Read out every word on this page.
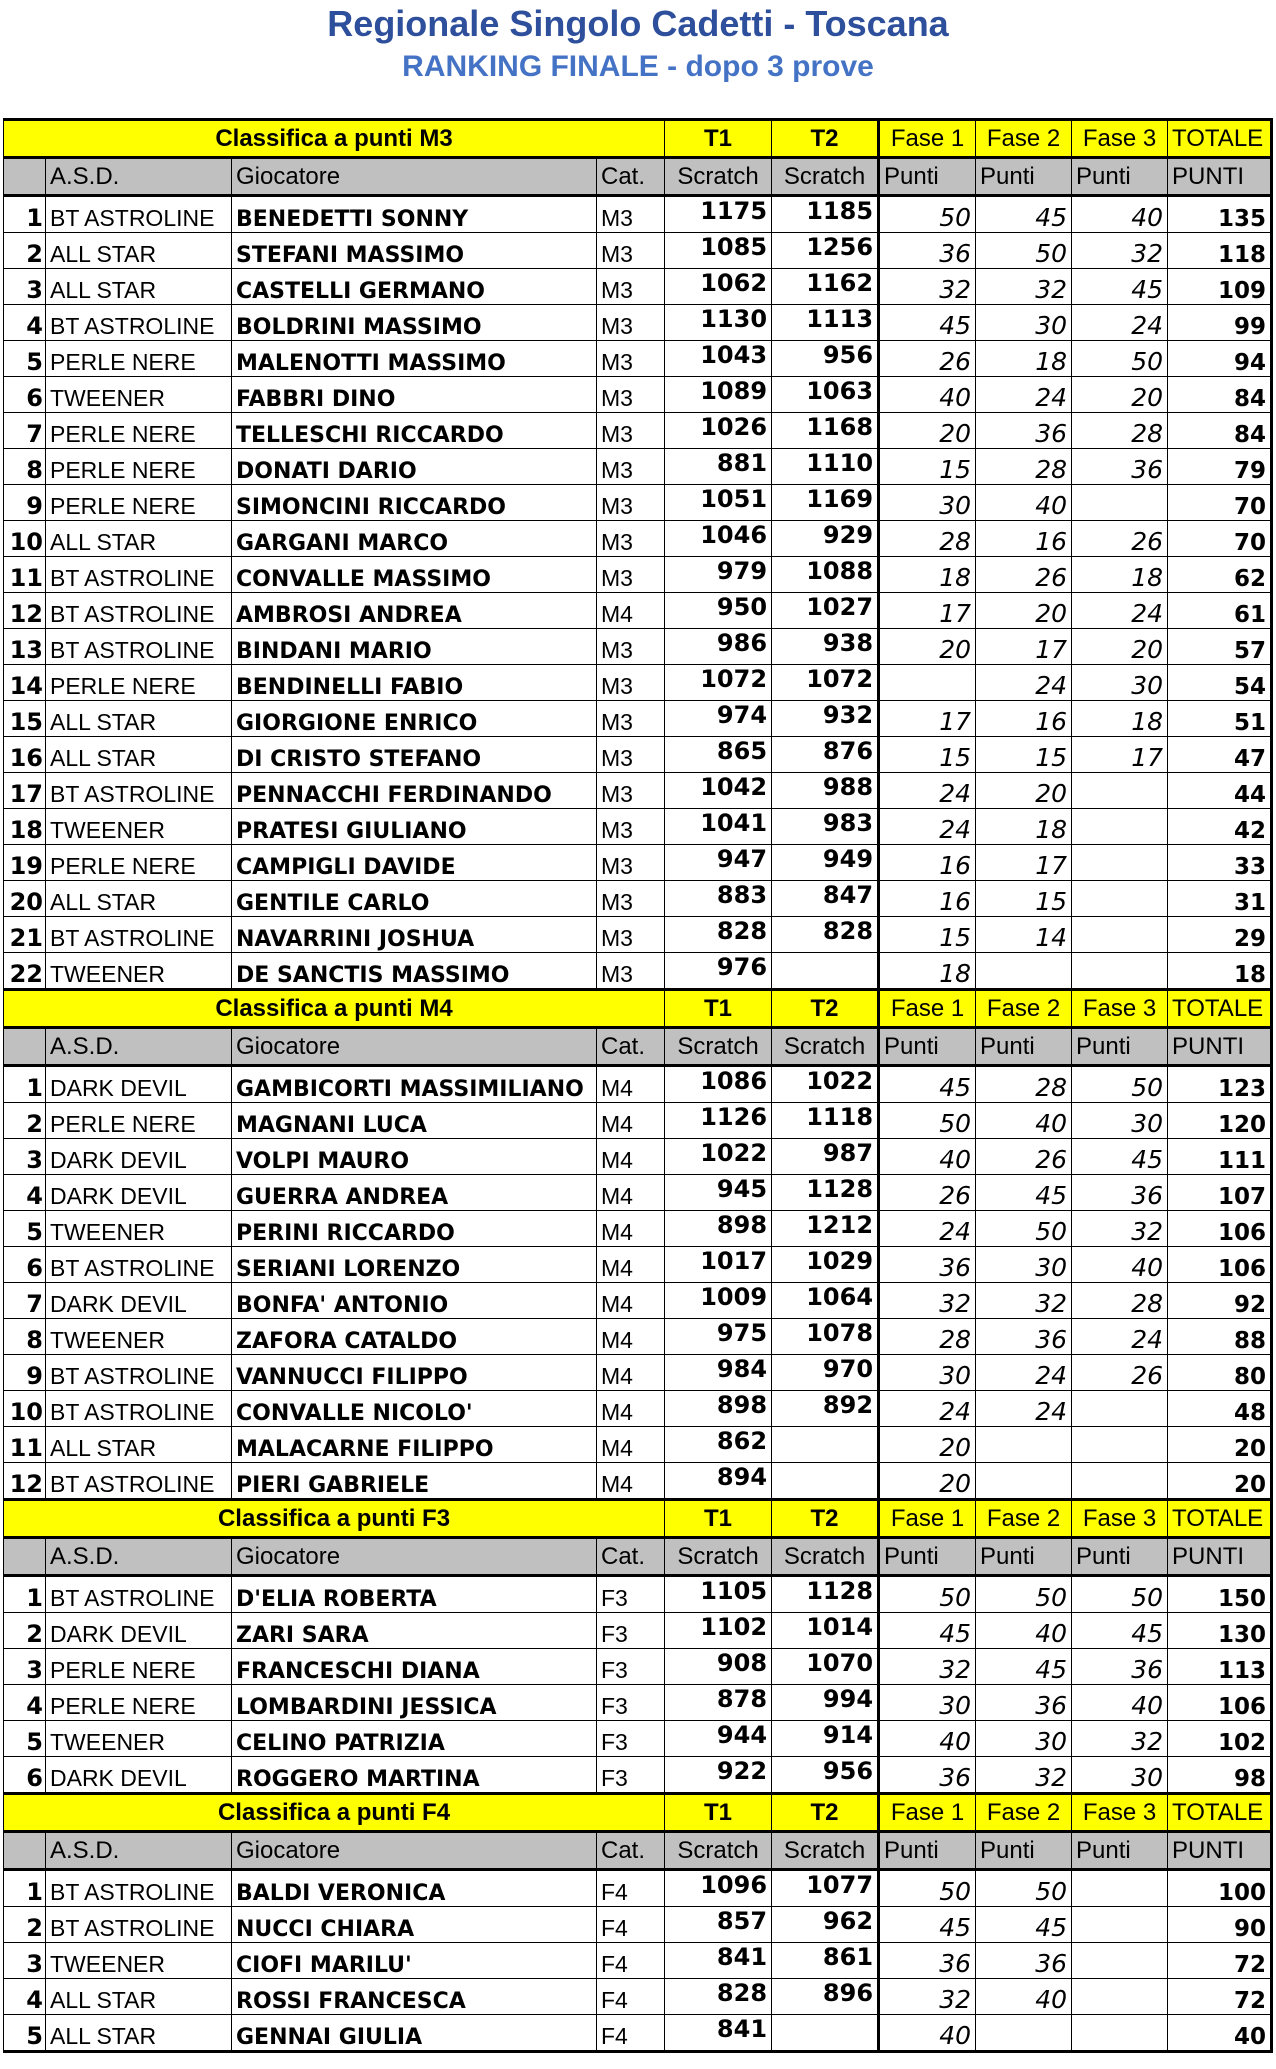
Regionale Singolo Cadetti - Toscana
RANKING FINALE - dopo 3 prove
Classifica a punti M3				T1	T2	Fase 1	Fase 2	Fase 3	TOTALE
	A.S.D.	Giocatore	Cat.	Scratch	Scratch	Punti	Punti	Punti	PUNTI
1	BT ASTROLINE	BENEDETTI SONNY	M3	1175	1185	50	45	40	135
2	ALL STAR	STEFANI MASSIMO	M3	1085	1256	36	50	32	118
3	ALL STAR	CASTELLI GERMANO	M3	1062	1162	32	32	45	109
4	BT ASTROLINE	BOLDRINI MASSIMO	M3	1130	1113	45	30	24	99
5	PERLE NERE	MALENOTTI MASSIMO	M3	1043	956	26	18	50	94
6	TWEENER	FABBRI DINO	M3	1089	1063	40	24	20	84
7	PERLE NERE	TELLESCHI RICCARDO	M3	1026	1168	20	36	28	84
8	PERLE NERE	DONATI DARIO	M3	881	1110	15	28	36	79
9	PERLE NERE	SIMONCINI RICCARDO	M3	1051	1169	30	40		70
10	ALL STAR	GARGANI MARCO	M3	1046	929	28	16	26	70
11	BT ASTROLINE	CONVALLE MASSIMO	M3	979	1088	18	26	18	62
12	BT ASTROLINE	AMBROSI ANDREA	M4	950	1027	17	20	24	61
13	BT ASTROLINE	BINDANI MARIO	M3	986	938	20	17	20	57
14	PERLE NERE	BENDINELLI FABIO	M3	1072	1072		24	30	54
15	ALL STAR	GIORGIONE ENRICO	M3	974	932	17	16	18	51
16	ALL STAR	DI CRISTO STEFANO	M3	865	876	15	15	17	47
17	BT ASTROLINE	PENNACCHI FERDINANDO	M3	1042	988	24	20		44
18	TWEENER	PRATESI GIULIANO	M3	1041	983	24	18		42
19	PERLE NERE	CAMPIGLI DAVIDE	M3	947	949	16	17		33
20	ALL STAR	GENTILE CARLO	M3	883	847	16	15		31
21	BT ASTROLINE	NAVARRINI JOSHUA	M3	828	828	15	14		29
22	TWEENER	DE SANCTIS MASSIMO	M3	976		18			18
Classifica a punti M4				T1	T2	Fase 1	Fase 2	Fase 3	TOTALE
	A.S.D.	Giocatore	Cat.	Scratch	Scratch	Punti	Punti	Punti	PUNTI
1	DARK DEVIL	GAMBICORTI MASSIMILIANO	M4	1086	1022	45	28	50	123
2	PERLE NERE	MAGNANI LUCA	M4	1126	1118	50	40	30	120
3	DARK DEVIL	VOLPI MAURO	M4	1022	987	40	26	45	111
4	DARK DEVIL	GUERRA ANDREA	M4	945	1128	26	45	36	107
5	TWEENER	PERINI RICCARDO	M4	898	1212	24	50	32	106
6	BT ASTROLINE	SERIANI LORENZO	M4	1017	1029	36	30	40	106
7	DARK DEVIL	BONFA' ANTONIO	M4	1009	1064	32	32	28	92
8	TWEENER	ZAFORA CATALDO	M4	975	1078	28	36	24	88
9	BT ASTROLINE	VANNUCCI FILIPPO	M4	984	970	30	24	26	80
10	BT ASTROLINE	CONVALLE NICOLO'	M4	898	892	24	24		48
11	ALL STAR	MALACARNE FILIPPO	M4	862		20			20
12	BT ASTROLINE	PIERI GABRIELE	M4	894		20			20
Classifica a punti F3				T1	T2	Fase 1	Fase 2	Fase 3	TOTALE
	A.S.D.	Giocatore	Cat.	Scratch	Scratch	Punti	Punti	Punti	PUNTI
1	BT ASTROLINE	D'ELIA ROBERTA	F3	1105	1128	50	50	50	150
2	DARK DEVIL	ZARI SARA	F3	1102	1014	45	40	45	130
3	PERLE NERE	FRANCESCHI DIANA	F3	908	1070	32	45	36	113
4	PERLE NERE	LOMBARDINI JESSICA	F3	878	994	30	36	40	106
5	TWEENER	CELINO PATRIZIA	F3	944	914	40	30	32	102
6	DARK DEVIL	ROGGERO MARTINA	F3	922	956	36	32	30	98
Classifica a punti F4				T1	T2	Fase 1	Fase 2	Fase 3	TOTALE
	A.S.D.	Giocatore	Cat.	Scratch	Scratch	Punti	Punti	Punti	PUNTI
1	BT ASTROLINE	BALDI VERONICA	F4	1096	1077	50	50		100
2	BT ASTROLINE	NUCCI CHIARA	F4	857	962	45	45		90
3	TWEENER	CIOFI MARILU'	F4	841	861	36	36		72
4	ALL STAR	ROSSI FRANCESCA	F4	828	896	32	40		72
5	ALL STAR	GENNAI GIULIA	F4	841		40			40
